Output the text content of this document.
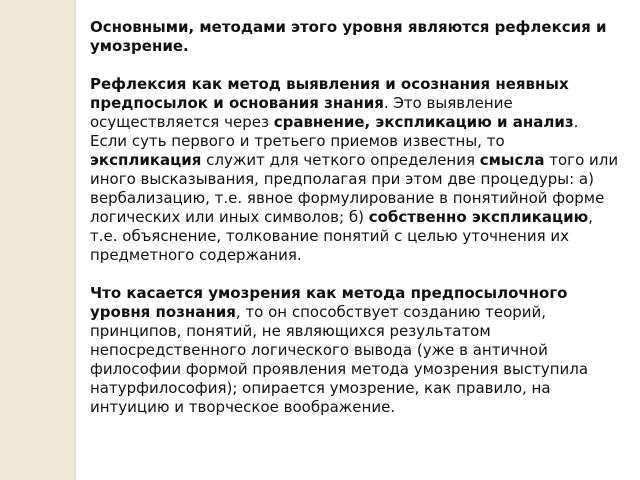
Основными, методами этого уровня являются рефлексия и умозрение.

Рефлексия как метод выявления и осознания неявных предпосылок и основания знания. Это выявление осуществляется через сравнение, экспликацию и анализ. Если суть первого и третьего приемов известны, то экспликация служит для четкого определения смысла того или иного высказывания, предполагая при этом две процедуры: а) вербализацию, т.е. явное формулирование в понятийной форме логических или иных символов; б) собственно экспликацию, т.е. объяснение, толкование понятий с целью уточнения их предметного содержания.

Что касается умозрения как метода предпосылочного уровня познания, то он способствует созданию теорий, принципов, понятий, не являющихся результатом непосредственного логического вывода (уже в античной философии формой проявления метода умозрения выступила натурфилософия); опирается умозрение, как правило, на интуицию и творческое воображение.
